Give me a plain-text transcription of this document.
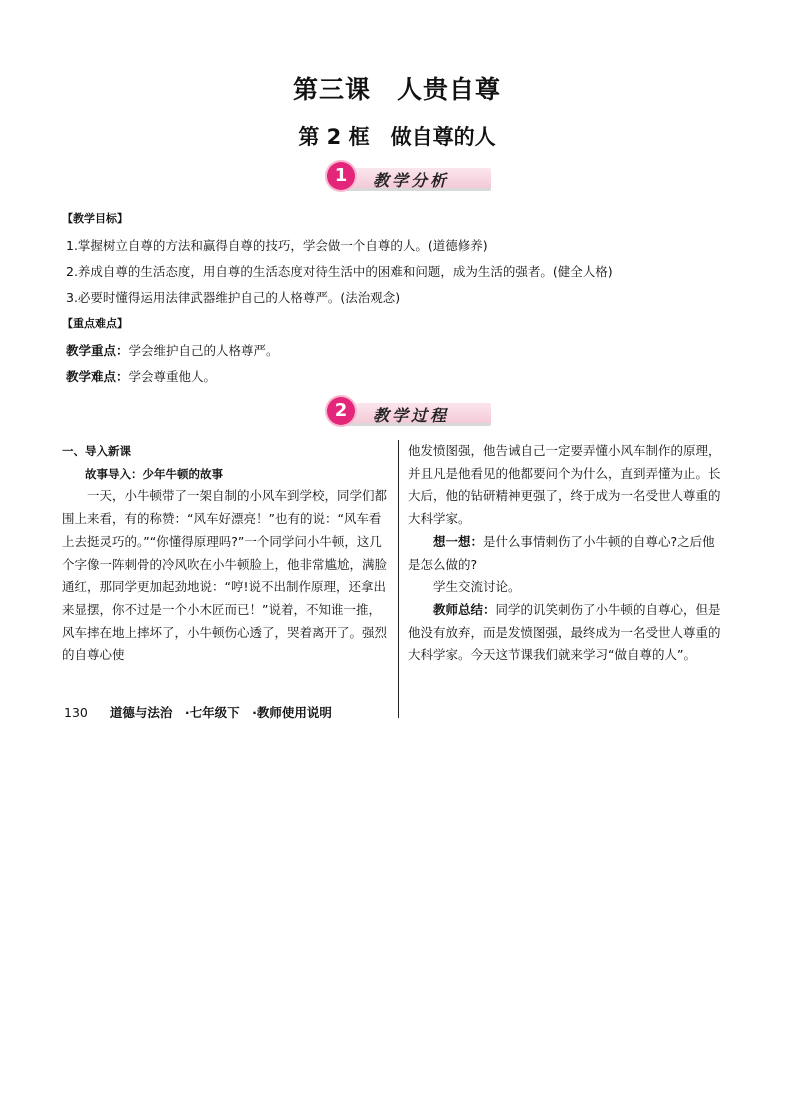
第三课　人贵自尊
第 2 框　做自尊的人
1	教学分析
【教学目标】
1.掌握树立自尊的方法和赢得自尊的技巧，学会做一个自尊的人。(道德修养)
2.养成自尊的生活态度，用自尊的生活态度对待生活中的困难和问题，成为生活的强者。(健全人格)
3.必要时懂得运用法律武器维护自己的人格尊严。(法治观念)
【重点难点】
教学重点：学会维护自己的人格尊严。
教学难点：学会尊重他人。
2	教学过程

一、导入新课

故事导入：少年牛顿的故事

一天，小牛顿带了一架自制的小风车到学校，同学们都围上来看，有的称赞：“风车好漂亮！”也有的说：“风车看上去挺灵巧的。”“你懂得原理吗?”一个同学问小牛顿，这几个字像一阵刺骨的冷风吹在小牛顿脸上，他非常尴尬，满脸通红，那同学更加起劲地说：“哼!说不出制作原理，还拿出来显摆，你不过是一个小木匠而已！”说着，不知谁一推，风车摔在地上摔坏了，小牛顿伤心透了，哭着离开了。强烈的自尊心使

他发愤图强，他告诫自己一定要弄懂小风车制作的原理，并且凡是他看见的他都要问个为什么，直到弄懂为止。长大后，他的钻研精神更强了，终于成为一名受世人尊重的大科学家。

想一想：是什么事情刺伤了小牛顿的自尊心?之后他是怎么做的?

学生交流讨论。

教师总结：同学的讥笑刺伤了小牛顿的自尊心，但是他没有放弃，而是发愤图强，最终成为一名受世人尊重的大科学家。今天这节课我们就来学习“做自尊的人”。

130 道德与法治　·七年级下　·教师使用说明
